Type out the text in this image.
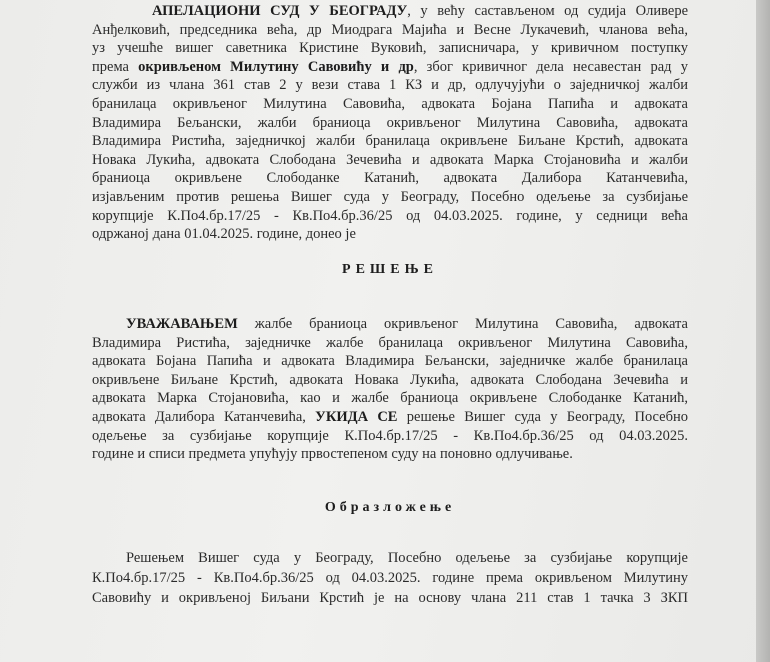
АПЕЛАЦИОНИ СУД У БЕОГРАДУ, у већу састављеном од судија Оливере
Анђелковић, председника већа, др Миодрага Мајића и Весне Лукачевић, чланова већа,
уз учешће вишег саветника Кристине Вуковић, записничара, у кривичном поступку
према окривљеном Милутину Савовићу и др, због кривичног дела несавестан рад у
служби из члана 361 став 2 у вези става 1 КЗ и др, одлучујући о заједничкој жалби
бранилаца окривљеног Милутина Савовића, адвоката Бојана Папића и адвоката
Владимира Бељански, жалби браниоца окривљеног Милутина Савовића, адвоката
Владимира Ристића, заједничкој жалби бранилаца окривљене Биљане Крстић, адвоката
Новака Лукића, адвоката Слободана Зечевића и адвоката Марка Стојановића и жалби
браниоца окривљене Слободанке Катанић, адвоката Далибора Катанчевића,
изјављеним против решења Вишег суда у Београду, Посебно одељење за сузбијање
корупције К.По4.бр.17/25 - Кв.По4.бр.36/25 од 04.03.2025. године, у седници већа
одржаној дана 01.04.2025. године, донео је
РЕШЕЊЕ
УВАЖАВАЊЕМ жалбе браниоца окривљеног Милутина Савовића, адвоката
Владимира Ристића, заједничке жалбе бранилаца окривљеног Милутина Савовића,
адвоката Бојана Папића и адвоката Владимира Бељански, заједничке жалбе бранилаца
окривљене Биљане Крстић, адвоката Новака Лукића, адвоката Слободана Зечевића и
адвоката Марка Стојановића, као и жалбе браниоца окривљене Слободанке Катанић,
адвоката Далибора Катанчевића, УКИДА СЕ решење Вишег суда у Београду, Посебно
одељење за сузбијање корупције К.По4.бр.17/25 - Кв.По4.бр.36/25 од 04.03.2025.
године и списи предмета упућују првостепеном суду на поновно одлучивање.
Образложење
Решењем Вишег суда у Београду, Посебно одељење за сузбијање корупције
К.По4.бр.17/25 - Кв.По4.бр.36/25 од 04.03.2025. године према окривљеном Милутину
Савовићу и окривљеној Биљани Крстић је на основу члана 211 став 1 тачка 3 ЗКП
